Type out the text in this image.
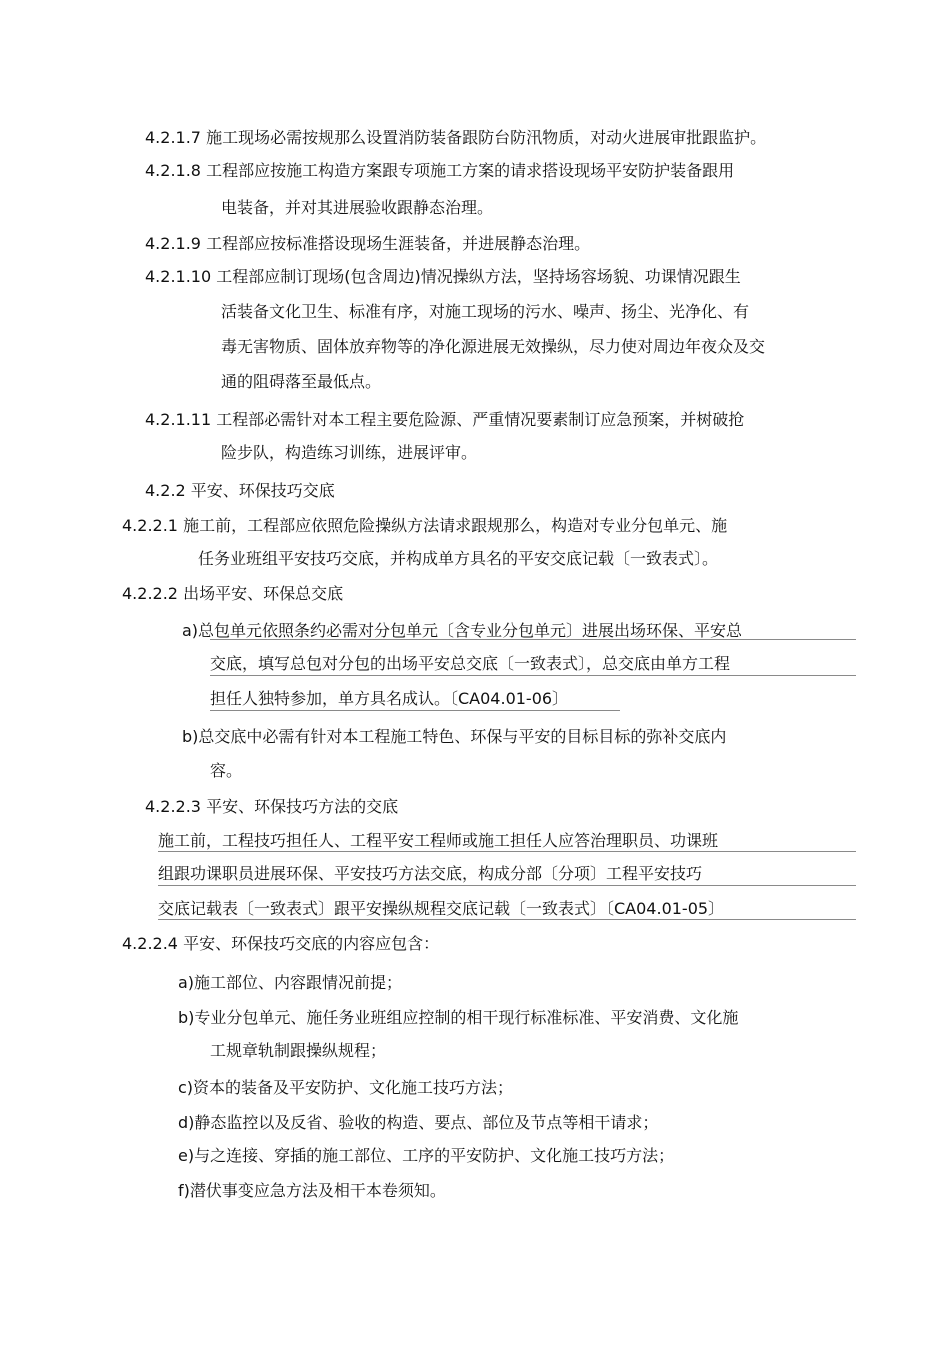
4.2.1.7 施工现场必需按规那么设置消防装备跟防台防汛物质，对动火进展审批跟监护。
4.2.1.8 工程部应按施工构造方案跟专项施工方案的请求搭设现场平安防护装备跟用
电装备，并对其进展验收跟静态治理。
4.2.1.9 工程部应按标准搭设现场生涯装备，并进展静态治理。
4.2.1.10 工程部应制订现场(包含周边)情况操纵方法，坚持场容场貌、功课情况跟生
活装备文化卫生、标准有序，对施工现场的污水、噪声、扬尘、光净化、有
毒无害物质、固体放弃物等的净化源进展无效操纵，尽力使对周边年夜众及交
通的阻碍落至最低点。
4.2.1.11 工程部必需针对本工程主要危险源、严重情况要素制订应急预案，并树破抢
险步队，构造练习训练，进展评审。
4.2.2 平安、环保技巧交底
4.2.2.1 施工前，工程部应依照危险操纵方法请求跟规那么，构造对专业分包单元、施
任务业班组平安技巧交底，并构成单方具名的平安交底记载〔一致表式〕。
4.2.2.2 出场平安、环保总交底
a)总包单元依照条约必需对分包单元〔含专业分包单元〕进展出场环保、平安总
交底，填写总包对分包的出场平安总交底〔一致表式〕，总交底由单方工程
担任人独特参加，单方具名成认。〔CA04.01-06〕
b)总交底中必需有针对本工程施工特色、环保与平安的目标目标的弥补交底内
容。
4.2.2.3 平安、环保技巧方法的交底
施工前，工程技巧担任人、工程平安工程师或施工担任人应答治理职员、功课班
组跟功课职员进展环保、平安技巧方法交底，构成分部〔分项〕工程平安技巧
交底记载表〔一致表式〕跟平安操纵规程交底记载〔一致表式〕〔CA04.01-05〕
4.2.2.4 平安、环保技巧交底的内容应包含：
a)施工部位、内容跟情况前提；
b)专业分包单元、施任务业班组应控制的相干现行标准标准、平安消费、文化施
工规章轨制跟操纵规程；
c)资本的装备及平安防护、文化施工技巧方法；
d)静态监控以及反省、验收的构造、要点、部位及节点等相干请求；
e)与之连接、穿插的施工部位、工序的平安防护、文化施工技巧方法；
f)潜伏事变应急方法及相干本卷须知。
